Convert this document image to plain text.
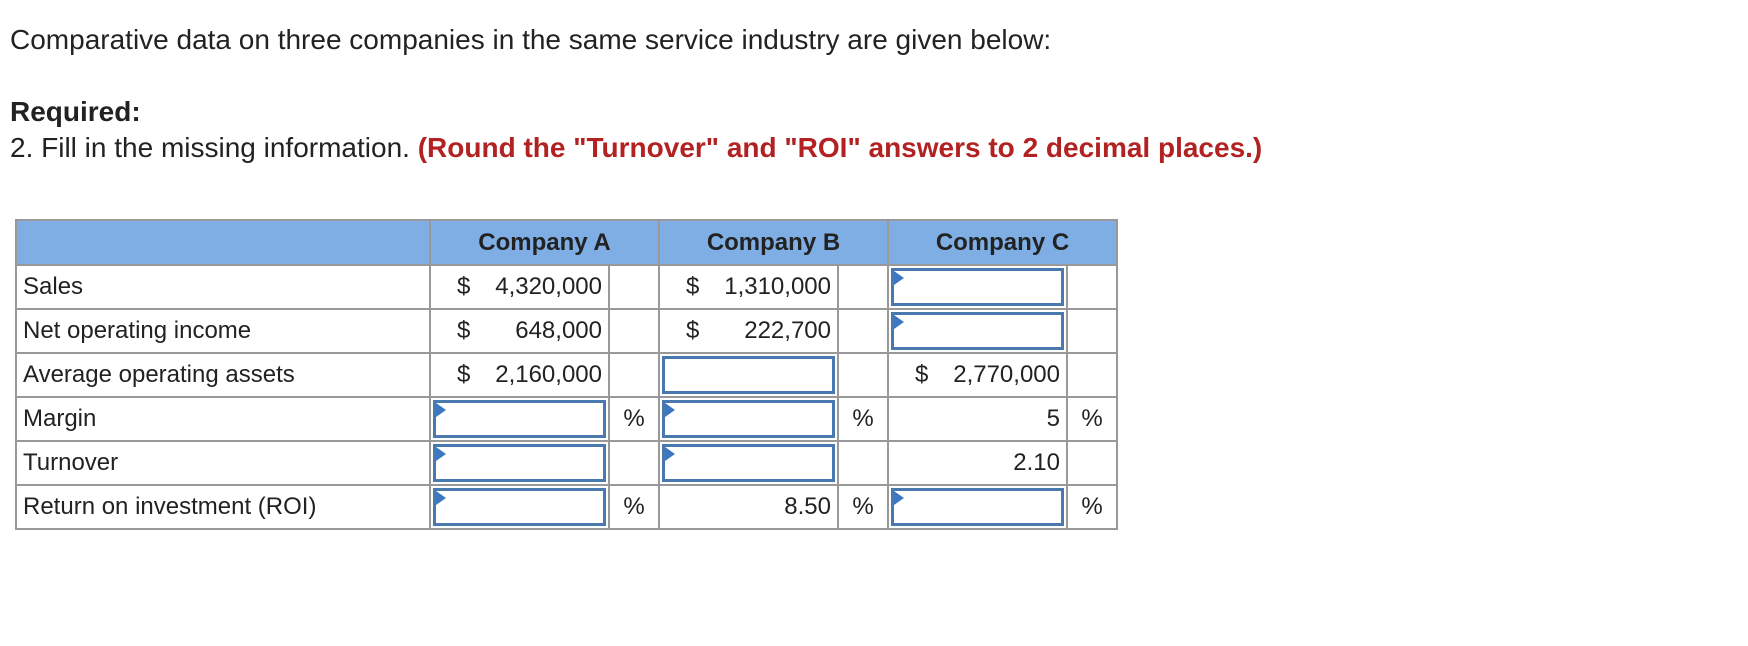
Comparative data on three companies in the same service industry are given below:
Required:
2. Fill in the missing information. (Round the "Turnover" and "ROI" answers to 2 decimal places.)
	Company A		Company B		Company C	
Sales	$ 4,320,000		$ 1,310,000

Net operating income	$ 648,000		$ 222,700

Average operating assets	$ 2,160,000				$ 2,770,000	

Margin		%		%	5	%
Turnover					2.10	

Return on investment (ROI)		%	8.50	%		%
